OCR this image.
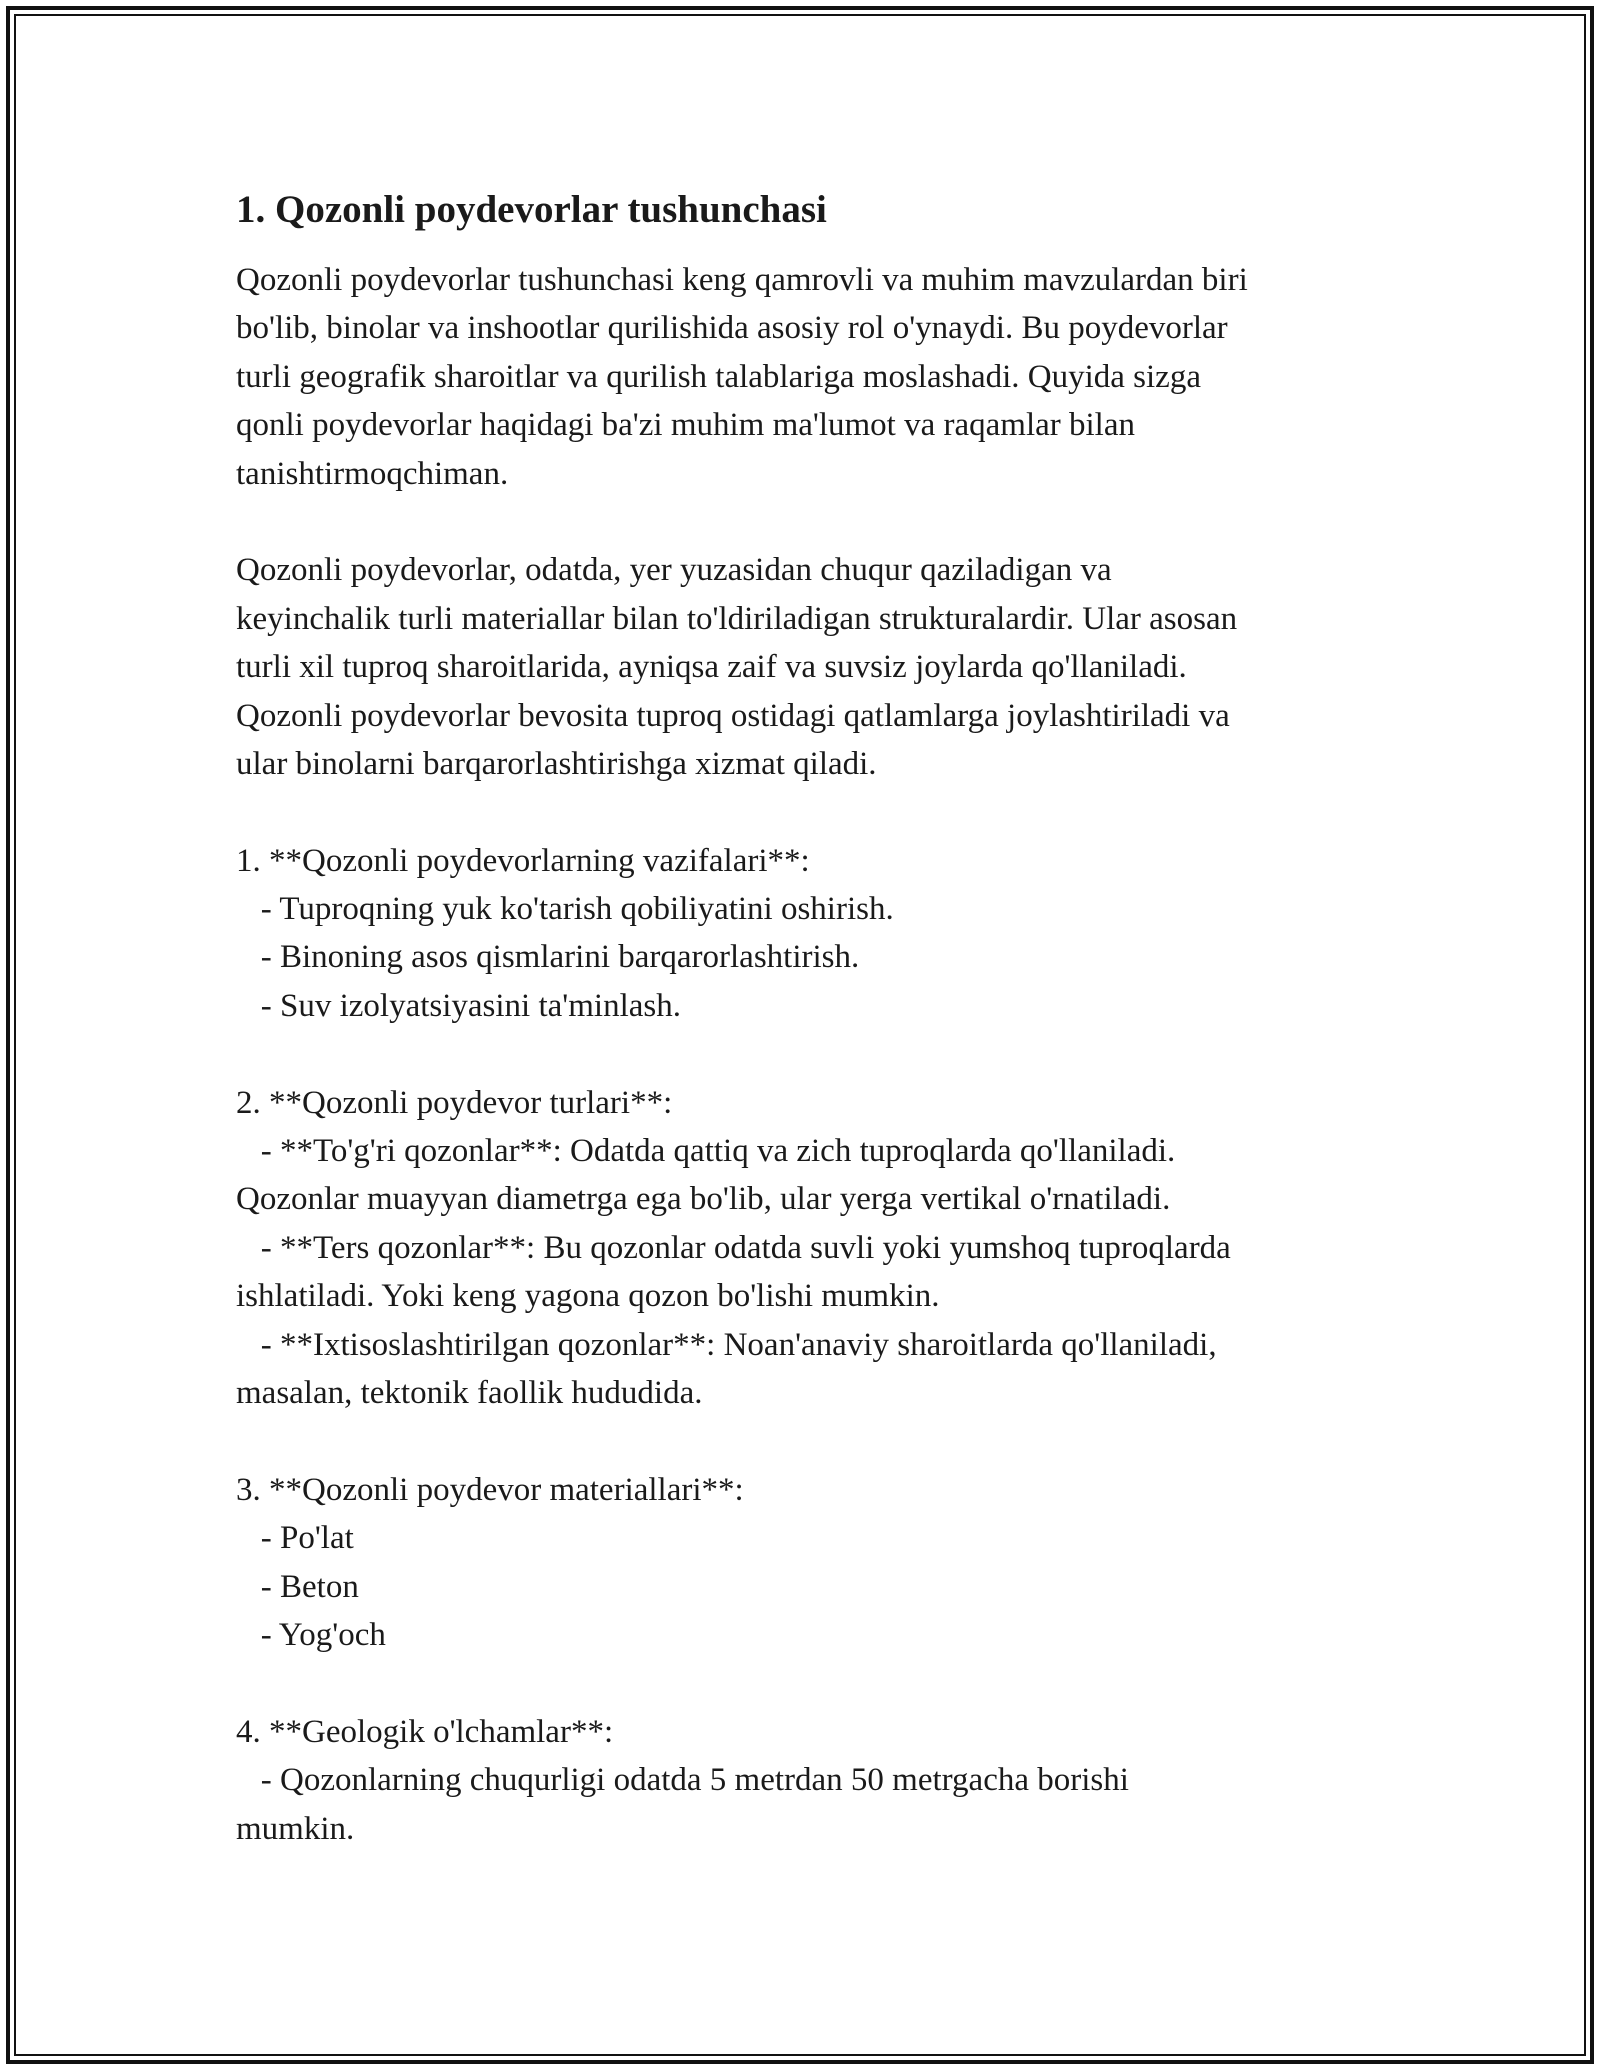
1. Qozonli poydevorlar tushunchasi
Qozonli poydevorlar tushunchasi keng qamrovli va muhim mavzulardan biri
bo'lib, binolar va inshootlar qurilishida asosiy rol o'ynaydi. Bu poydevorlar
turli geografik sharoitlar va qurilish talablariga moslashadi. Quyida sizga
qonli poydevorlar haqidagi ba'zi muhim ma'lumot va raqamlar bilan
tanishtirmoqchiman.
Qozonli poydevorlar, odatda, yer yuzasidan chuqur qaziladigan va
keyinchalik turli materiallar bilan to'ldiriladigan strukturalardir. Ular asosan
turli xil tuproq sharoitlarida, ayniqsa zaif va suvsiz joylarda qo'llaniladi.
Qozonli poydevorlar bevosita tuproq ostidagi qatlamlarga joylashtiriladi va
ular binolarni barqarorlashtirishga xizmat qiladi.
1. **Qozonli poydevorlarning vazifalari**:
- Tuproqning yuk ko'tarish qobiliyatini oshirish.
- Binoning asos qismlarini barqarorlashtirish.
- Suv izolyatsiyasini ta'minlash.
2. **Qozonli poydevor turlari**:
- **To'g'ri qozonlar**: Odatda qattiq va zich tuproqlarda qo'llaniladi.
Qozonlar muayyan diametrga ega bo'lib, ular yerga vertikal o'rnatiladi.
- **Ters qozonlar**: Bu qozonlar odatda suvli yoki yumshoq tuproqlarda
ishlatiladi. Yoki keng yagona qozon bo'lishi mumkin.
- **Ixtisoslashtirilgan qozonlar**: Noan'anaviy sharoitlarda qo'llaniladi,
masalan, tektonik faollik hududida.
3. **Qozonli poydevor materiallari**:
- Po'lat
- Beton
- Yog'och
4. **Geologik o'lchamlar**:
- Qozonlarning chuqurligi odatda 5 metrdan 50 metrgacha borishi
mumkin.
